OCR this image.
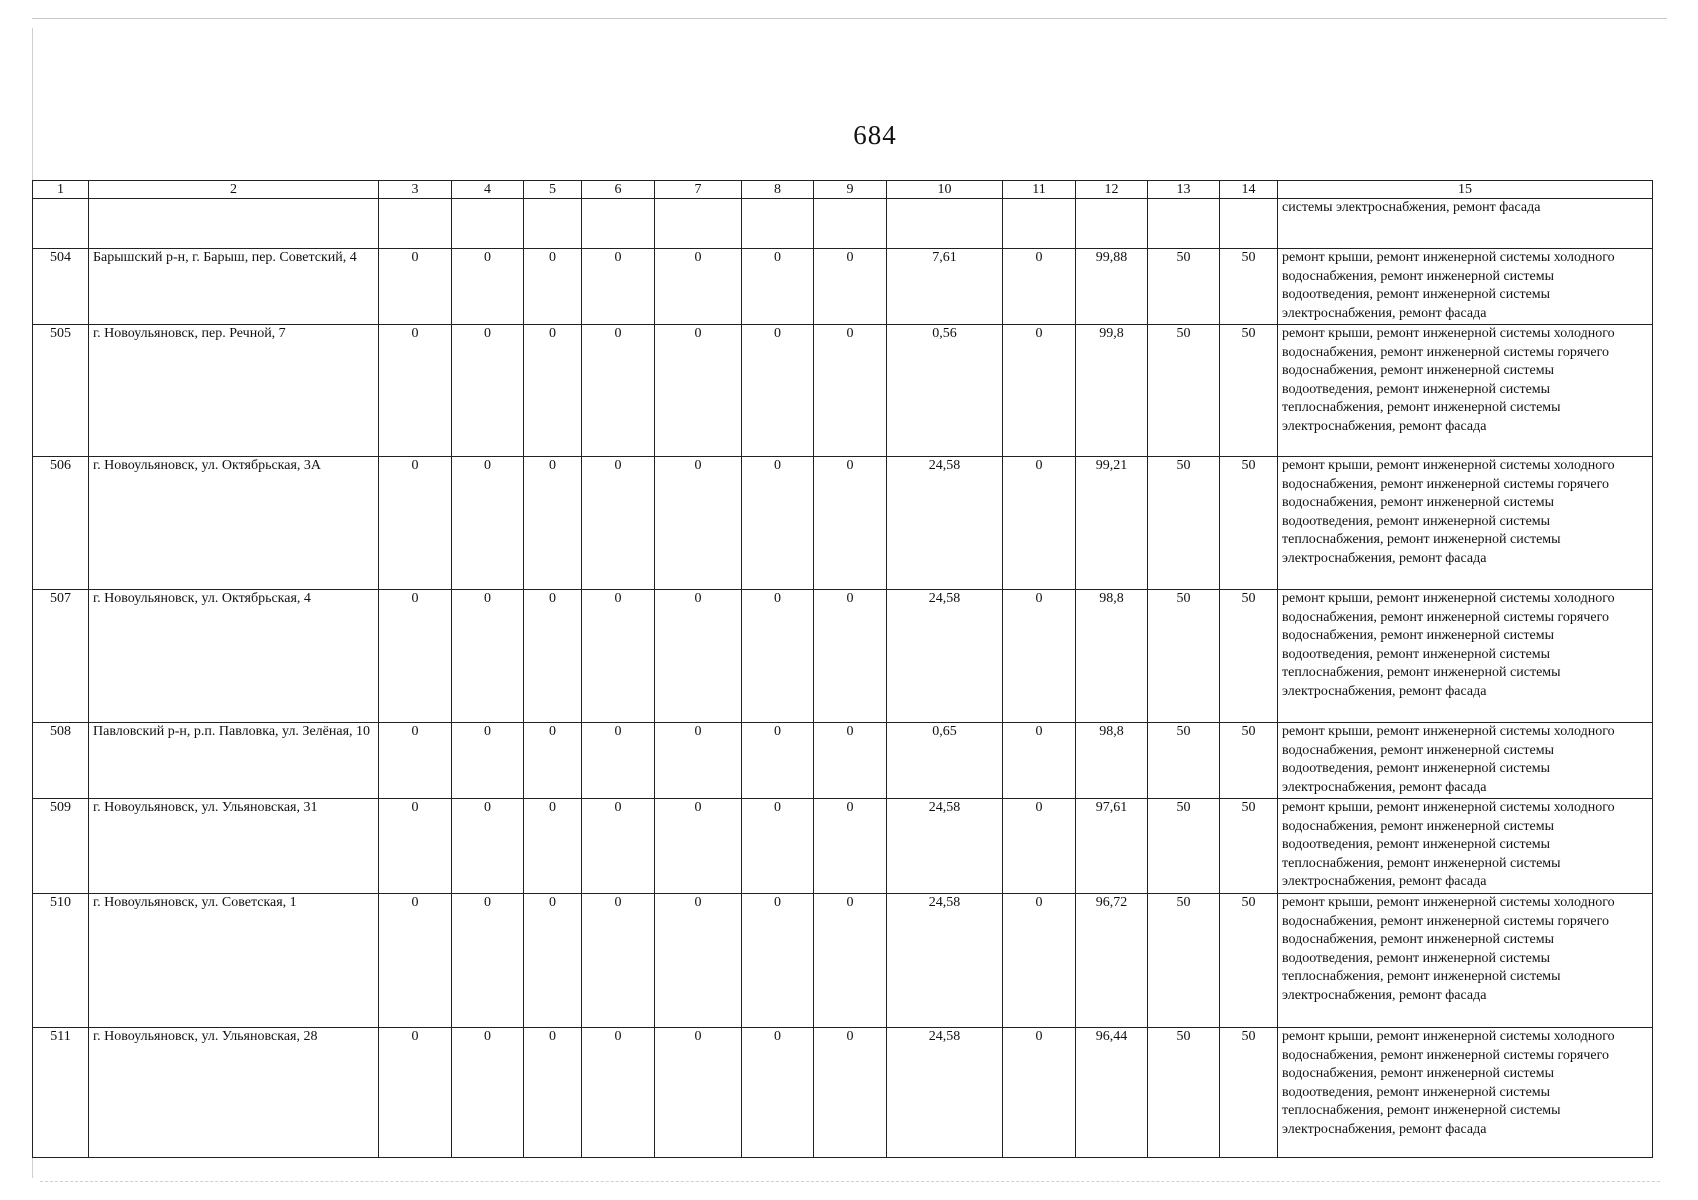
684
1	2	3	4	5	6	7	8	9	10	11	12	13	14	15
														системы электроснабжения, ремонт фасада
504	Барышский р-н, г. Барыш, пер. Советский, 4	0	0	0	0	0	0	0	7,61	0	99,88	50	50	ремонт крыши, ремонт инженерной системы холодного водоснабжения, ремонт инженерной системы водоотведения, ремонт инженерной системы электроснабжения, ремонт фасада
505	г. Новоульяновск, пер. Речной, 7	0	0	0	0	0	0	0	0,56	0	99,8	50	50	ремонт крыши, ремонт инженерной системы холодного водоснабжения, ремонт инженерной системы горячего водоснабжения, ремонт инженерной системы водоотведения, ремонт инженерной системы теплоснабжения, ремонт инженерной системы электроснабжения, ремонт фасада
506	г. Новоульяновск, ул. Октябрьская, 3А	0	0	0	0	0	0	0	24,58	0	99,21	50	50	ремонт крыши, ремонт инженерной системы холодного водоснабжения, ремонт инженерной системы горячего водоснабжения, ремонт инженерной системы водоотведения, ремонт инженерной системы теплоснабжения, ремонт инженерной системы электроснабжения, ремонт фасада
507	г. Новоульяновск, ул. Октябрьская, 4	0	0	0	0	0	0	0	24,58	0	98,8	50	50	ремонт крыши, ремонт инженерной системы холодного водоснабжения, ремонт инженерной системы горячего водоснабжения, ремонт инженерной системы водоотведения, ремонт инженерной системы теплоснабжения, ремонт инженерной системы электроснабжения, ремонт фасада
508	Павловский р-н, р.п. Павловка, ул. Зелёная, 10	0	0	0	0	0	0	0	0,65	0	98,8	50	50	ремонт крыши, ремонт инженерной системы холодного водоснабжения, ремонт инженерной системы водоотведения, ремонт инженерной системы электроснабжения, ремонт фасада
509	г. Новоульяновск, ул. Ульяновская, 31	0	0	0	0	0	0	0	24,58	0	97,61	50	50	ремонт крыши, ремонт инженерной системы холодного водоснабжения, ремонт инженерной системы водоотведения, ремонт инженерной системы теплоснабжения, ремонт инженерной системы электроснабжения, ремонт фасада
510	г. Новоульяновск, ул. Советская, 1	0	0	0	0	0	0	0	24,58	0	96,72	50	50	ремонт крыши, ремонт инженерной системы холодного водоснабжения, ремонт инженерной системы горячего водоснабжения, ремонт инженерной системы водоотведения, ремонт инженерной системы теплоснабжения, ремонт инженерной системы электроснабжения, ремонт фасада
511	г. Новоульяновск, ул. Ульяновская, 28	0	0	0	0	0	0	0	24,58	0	96,44	50	50	ремонт крыши, ремонт инженерной системы холодного водоснабжения, ремонт инженерной системы горячего водоснабжения, ремонт инженерной системы водоотведения, ремонт инженерной системы теплоснабжения, ремонт инженерной системы электроснабжения, ремонт фасада
